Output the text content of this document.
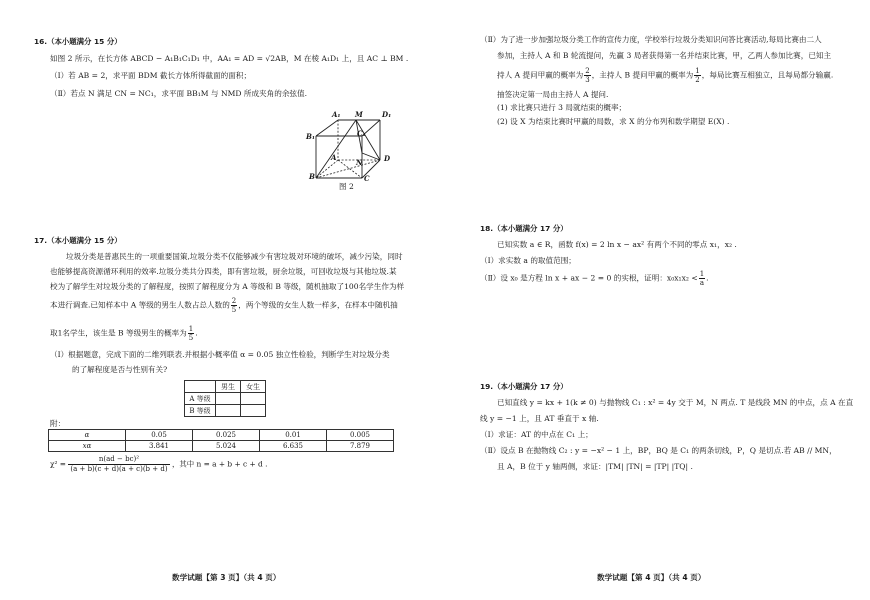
16.（本小题满分 15 分）
如图 2 所示，在长方体 ABCD − A₁B₁C₁D₁ 中，AA₁ = AD = √2AB，M 在棱 A₁D₁ 上，且 AC ⊥ BM .
（Ⅰ）若 AB = 2，求平面 BDM 截长方体所得截面的面积；
（Ⅱ）若点 N 满足 CN = NC₁，求平面 BB₁M 与 NMD 所成夹角的余弦值.
A₁ M	D₁
B₁	C₁
A	D
N
B	C
图 2
17.（本小题满分 15 分）
垃圾分类是普惠民生的一项重要国策,垃圾分类不仅能够减少有害垃圾对环境的破坏，减少污染，同时
也能够提高资源循环利用的效率.垃圾分类共分四类，即有害垃圾，厨余垃圾，可回收垃圾与其他垃圾.某
校为了解学生对垃圾分类的了解程度，按照了解程度分为 A 等级和 B 等级，随机抽取了100名学生作为样
本进行调查.已知样本中 A 等级的男生人数占总人数的 $\frac{2}{5}$ ，两个等级的女生人数一样多，在样本中随机抽
取1名学生，该生是 B 等级男生的概率为 $\frac{1}{5}$ .
（Ⅰ）根据题意，完成下面的二维列联表.并根据小概率值 α = 0.05 独立性检验，判断学生对垃圾分类
的了解程度是否与性别有关?
	男生	女生
A 等级		
B 等级		
附：
α	0.05	0.025	0.01	0.005
xα	3.841	5.024	6.635	7.879
$\chi^2 = \frac{\text{n(ad − bc)²}}{(a + b)(c + d)(a + c)(b + d)}$ ，其中 n = a + b + c + d .
数学试题【第 3 页】（共 4 页）
（Ⅱ）为了进一步加强垃圾分类工作的宣传力度，学校举行垃圾分类知识问答比赛活动,每局比赛由二人
参加，主持人 A 和 B 轮流提问，先赢 3 局者获得第一名并结束比赛，甲，乙两人参加比赛，已知主
持人 A 提问甲赢的概率为 $\frac{2}{3}$ ，主持人 B 提问甲赢的概率为 $\frac{1}{2}$ ，每局比赛互相独立，且每局都分输赢.
抽签决定第一局由主持人 A 提问.
(1) 求比赛只进行 3 局就结束的概率；
(2) 设 X 为结束比赛时甲赢的局数，求 X 的分布列和数学期望 E(X) .
18.（本小题满分 17 分）
已知实数 a ∈ R，函数 f(x) = 2 ln x − ax² 有两个不同的零点 x₁，x₂ .
（Ⅰ）求实数 a 的取值范围；
（Ⅱ）设 x₀ 是方程 ln x + ax − 2 = 0 的实根，证明：$x_0x_1x_2 < \frac{1}{a}$ .
19.（本小题满分 17 分）
已知直线 y = kx + 1(k ≠ 0) 与抛物线 C₁ : x² = 4y 交于 M，N 两点. T 是线段 MN 的中点，点 A 在直
线 y = −1 上，且 AT 垂直于 x 轴.
（Ⅰ）求证：AT 的中点在 C₁ 上；
（Ⅱ）设点 B 在抛物线 C₂ : y = −x² − 1 上，BP，BQ 是 C₁ 的两条切线，P，Q 是切点.若 AB // MN，
且 A，B 位于 y 轴两侧，求证：|TM| |TN| = |TP| |TQ| .
数学试题【第 4 页】（共 4 页）
